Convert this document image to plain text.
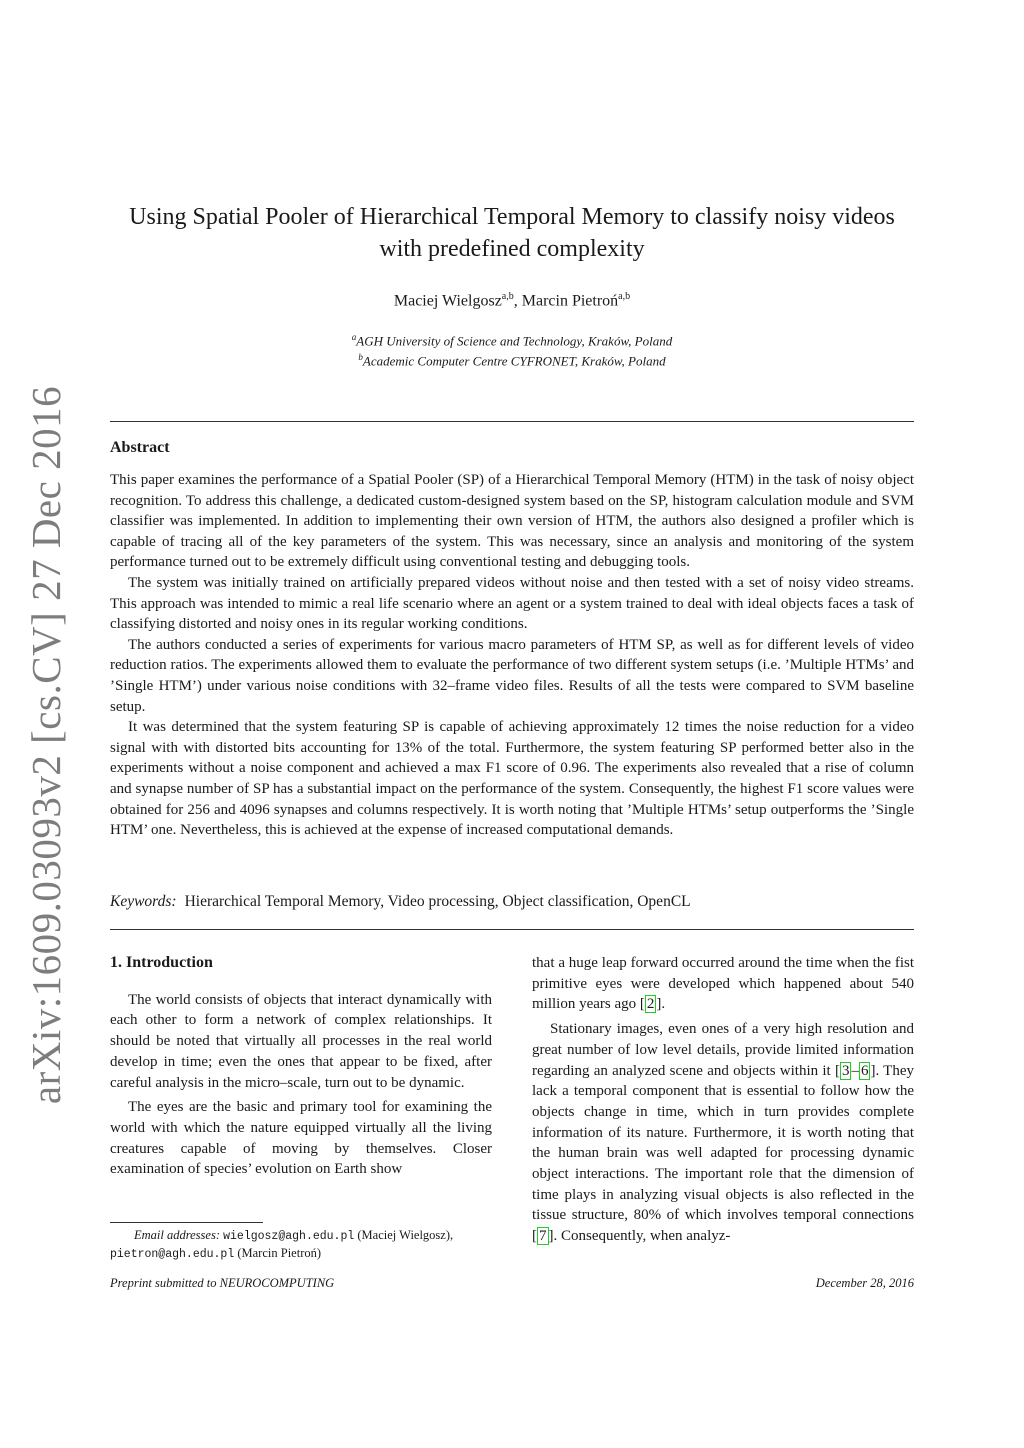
arXiv:1609.03093v2 [cs.CV] 27 Dec 2016
Using Spatial Pooler of Hierarchical Temporal Memory to classify noisy videos
with predefined complexity
Maciej Wielgosz$^{a,b}$, Marcin Pietroń$^{a,b}$
$^a$AGH University of Science and Technology, Kraków, Poland
$^b$Academic Computer Centre CYFRONET, Kraków, Poland
Abstract

This paper examines the performance of a Spatial Pooler (SP) of a Hierarchical Temporal Memory (HTM) in the task of noisy object recognition. To address this challenge, a dedicated custom-designed system based on the SP, histogram calculation module and SVM classifier was implemented. In addition to implementing their own version of HTM, the authors also designed a profiler which is capable of tracing all of the key parameters of the system. This was necessary, since an analysis and monitoring of the system performance turned out to be extremely difficult using conventional testing and debugging tools.

The system was initially trained on artificially prepared videos without noise and then tested with a set of noisy video streams. This approach was intended to mimic a real life scenario where an agent or a system trained to deal with ideal objects faces a task of classifying distorted and noisy ones in its regular working conditions.

The authors conducted a series of experiments for various macro parameters of HTM SP, as well as for different levels of video reduction ratios. The experiments allowed them to evaluate the performance of two different system setups (i.e. ’Multiple HTMs’ and ’Single HTM’) under various noise conditions with 32–frame video files. Results of all the tests were compared to SVM baseline setup.

It was determined that the system featuring SP is capable of achieving approximately 12 times the noise reduction for a video signal with with distorted bits accounting for 13% of the total. Furthermore, the system featuring SP performed better also in the experiments without a noise component and achieved a max F1 score of 0.96. The experiments also revealed that a rise of column and synapse number of SP has a substantial impact on the performance of the system. Consequently, the highest F1 score values were obtained for 256 and 4096 synapses and columns respectively. It is worth noting that ’Multiple HTMs’ setup outperforms the ’Single HTM’ one. Nevertheless, this is achieved at the expense of increased computational demands.

Keywords: Hierarchical Temporal Memory, Video processing, Object classification, OpenCL
1. Introduction

The world consists of objects that interact dynamically with each other to form a network of complex relationships. It should be noted that virtually all processes in the real world develop in time; even the ones that appear to be fixed, after careful analysis in the micro–scale, turn out to be dynamic.

The eyes are the basic and primary tool for examining the world with which the nature equipped virtually all the living creatures capable of moving by themselves. Closer examination of species’ evolution on Earth show

that a huge leap forward occurred around the time when the fist primitive eyes were developed which happened about 540 million years ago [ 2 ].

Stationary images, even ones of a very high resolution and great number of low level details, provide limited information regarding an analyzed scene and objects within it [ 3 – 6 ]. They lack a temporal component that is essential to follow how the objects change in time, which in turn provides complete information of its nature. Furthermore, it is worth noting that the human brain was well adapted for processing dynamic object interactions. The important role that the dimension of time plays in analyzing visual objects is also reflected in the tissue structure, 80% of which involves temporal connections [ 7 ]. Consequently, when analyz-

Email addresses: wielgosz@agh.edu.pl (Maciej Wielgosz),
pietron@agh.edu.pl (Marcin Pietroń)

Preprint submitted to NEUROCOMPUTING	December 28, 2016
